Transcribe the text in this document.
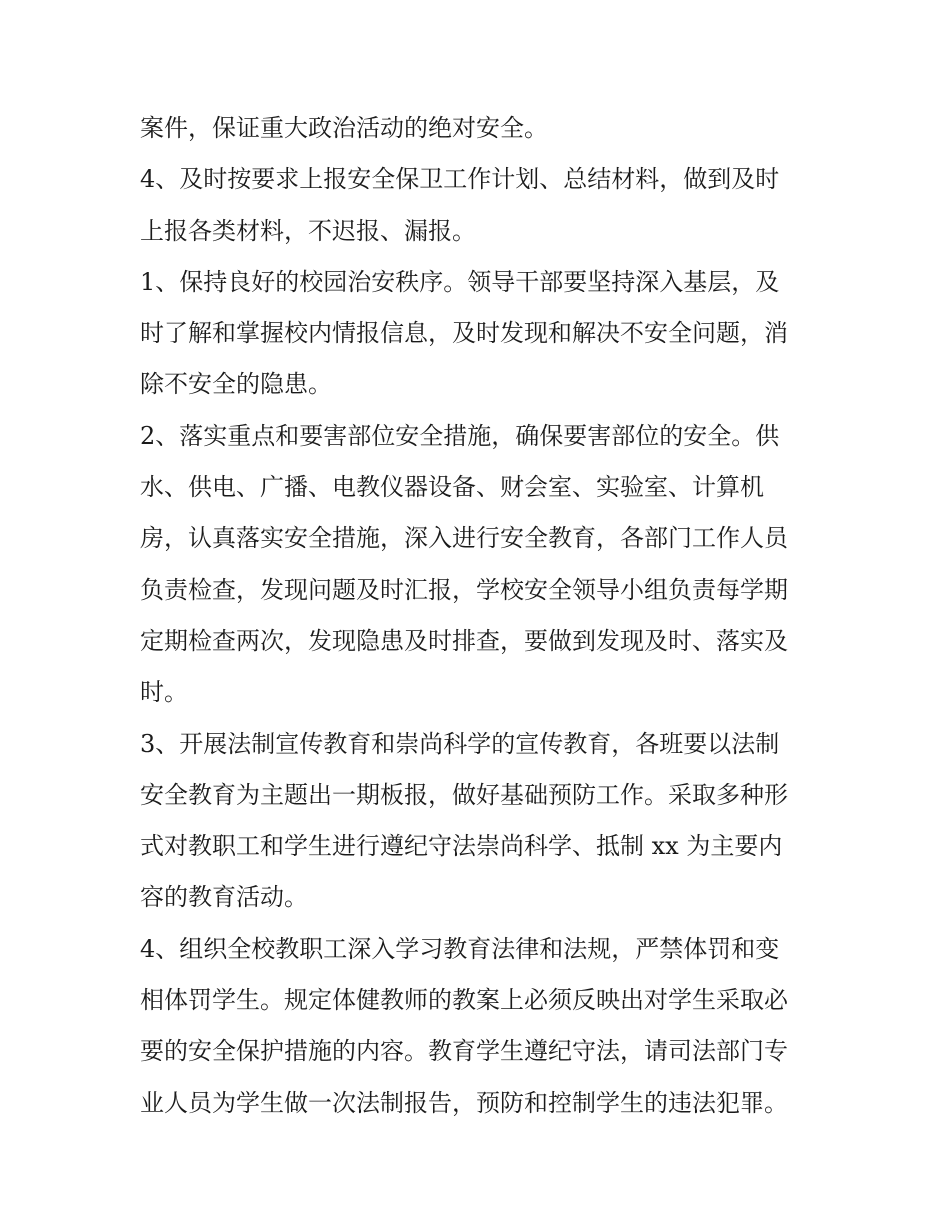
案件，保证重大政治活动的绝对安全。
4、及时按要求上报安全保卫工作计划、总结材料，做到及时
上报各类材料，不迟报、漏报。
1、保持良好的校园治安秩序。领导干部要坚持深入基层，及
时了解和掌握校内情报信息，及时发现和解决不安全问题，消
除不安全的隐患。
2、落实重点和要害部位安全措施，确保要害部位的安全。供
水、供电、广播、电教仪器设备、财会室、实验室、计算机
房，认真落实安全措施，深入进行安全教育，各部门工作人员
负责检查，发现问题及时汇报，学校安全领导小组负责每学期
定期检查两次，发现隐患及时排查，要做到发现及时、落实及
时。
3、开展法制宣传教育和崇尚科学的宣传教育，各班要以法制
安全教育为主题出一期板报，做好基础预防工作。采取多种形
式对教职工和学生进行遵纪守法崇尚科学、抵制 xx 为主要内
容的教育活动。
4、组织全校教职工深入学习教育法律和法规，严禁体罚和变
相体罚学生。规定体健教师的教案上必须反映出对学生采取必
要的安全保护措施的内容。教育学生遵纪守法，请司法部门专
业人员为学生做一次法制报告，预防和控制学生的违法犯罪。
